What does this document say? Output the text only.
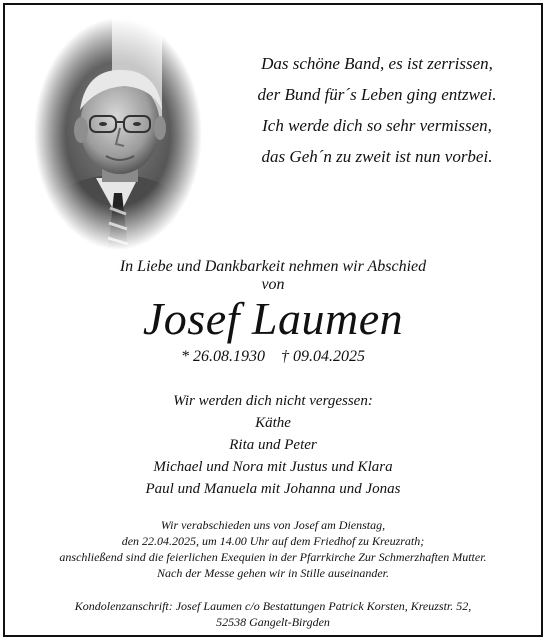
Das schöne Band, es ist zerrissen,
der Bund für´s Leben ging entzwei.
Ich werde dich so sehr vermissen,
das Geh´n zu zweit ist nun vorbei.
In Liebe und Dankbarkeit nehmen wir Abschied
von
Josef Laumen
* 26.08.1930 † 09.04.2025
Wir werden dich nicht vergessen:
Käthe
Rita und Peter
Michael und Nora mit Justus und Klara
Paul und Manuela mit Johanna und Jonas
Wir verabschieden uns von Josef am Dienstag,
den 22.04.2025, um 14.00 Uhr auf dem Friedhof zu Kreuzrath;
anschließend sind die feierlichen Exequien in der Pfarrkirche Zur Schmerzhaften Mutter.
Nach der Messe gehen wir in Stille auseinander.
Kondolenzanschrift: Josef Laumen c/o Bestattungen Patrick Korsten, Kreuzstr. 52,
52538 Gangelt-Birgden
